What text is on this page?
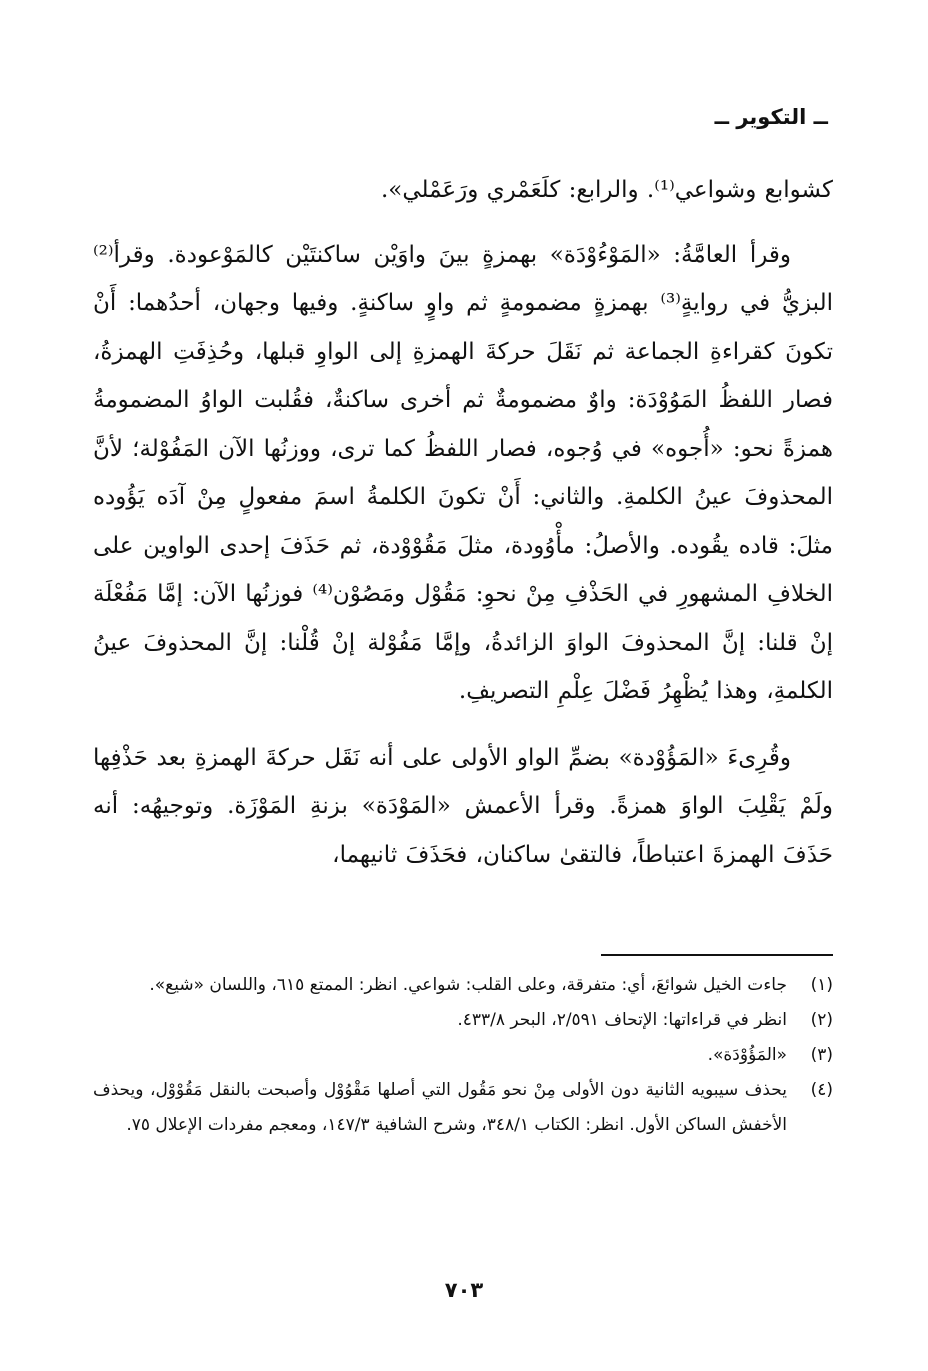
ــ التكوير ــ

كشوابع وشواعي⁽¹⁾. والرابع: كلَعَمْري ورَعَمْلي».

وقرأ العامَّةُ: «المَوْءُوْدَة» بهمزةٍ بينَ واوَيْن ساكنتَيْن كالمَوْعودة. وقرأ⁽²⁾ البزيُّ في روايةٍ⁽³⁾ بهمزةٍ مضمومةٍ ثم واوٍ ساكنةٍ. وفيها وجهان، أحدُهما: أَنْ تكونَ كقراءةِ الجماعة ثم نَقَلَ حركةَ الهمزةِ إلى الواوِ قبلها، وحُذِفَتِ الهمزةُ، فصار اللفظُ المَوُوْدَة: واوٌ مضمومةٌ ثم أخرى ساكنةٌ، فقُلبت الواوُ المضمومةُ همزةً نحو: «أُجوه» في وُجوه، فصار اللفظُ كما ترى، ووزنُها الآن المَفُوْلة؛ لأنَّ المحذوفَ عينُ الكلمةِ. والثاني: أَنْ تكونَ الكلمةُ اسمَ مفعولٍ مِنْ آدَه يَؤُوده مثلَ: قاده يقُوده. والأصلُ: مأْوُودة، مثلَ مَقُوْوْدة، ثم حَذَفَ إحدى الواوين على الخلافِ المشهورِ في الحَذْفِ مِنْ نحوِ: مَقُوْل ومَصُوْن⁽⁴⁾ فوزنُها الآن: إمَّا مَفُعْلَة إنْ قلنا: إنَّ المحذوفَ الواوَ الزائدةُ، وإمَّا مَفُوْلة إنْ قُلْنا: إنَّ المحذوفَ عينُ الكلمةِ، وهذا يُظْهِرُ فَضْلَ عِلْمِ التصريفِ.

وقُرِىءَ «المَؤُوْدة» بضمِّ الواو الأولى على أنه نَقَل حركةَ الهمزةِ بعد حَذْفِها ولَمْ يَقْلِبَ الواوَ همزةً. وقرأ الأعمش «المَوْدَة» بزنةِ المَوْزَة. وتوجيهُه: أنه حَذَفَ الهمزةَ اعتباطاً، فالتقىٰ ساكنان، فحَذَفَ ثانيهما،

(١)
جاءت الخيل شوائعَ، أي: متفرقة، وعلى القلب: شواعي. انظر: الممتع ٦١٥، واللسان «شيع».
(٢)
انظر في قراءاتها: الإتحاف ٢/٥٩١، البحر ٤٣٣/٨.
(٣)
«المَؤُوْدَة».
(٤)
يحذف سيبويه الثانية دون الأولى مِنْ نحو مَقُول التي أصلها مَقْوُوْل وأصبحت بالنقل مَقُوْوْل، ويحذف الأخفش الساكن الأول. انظر: الكتاب ٣٤٨/١، وشرح الشافية ١٤٧/٣، ومعجم مفردات الإعلال ٧٥.
٧٠٣
